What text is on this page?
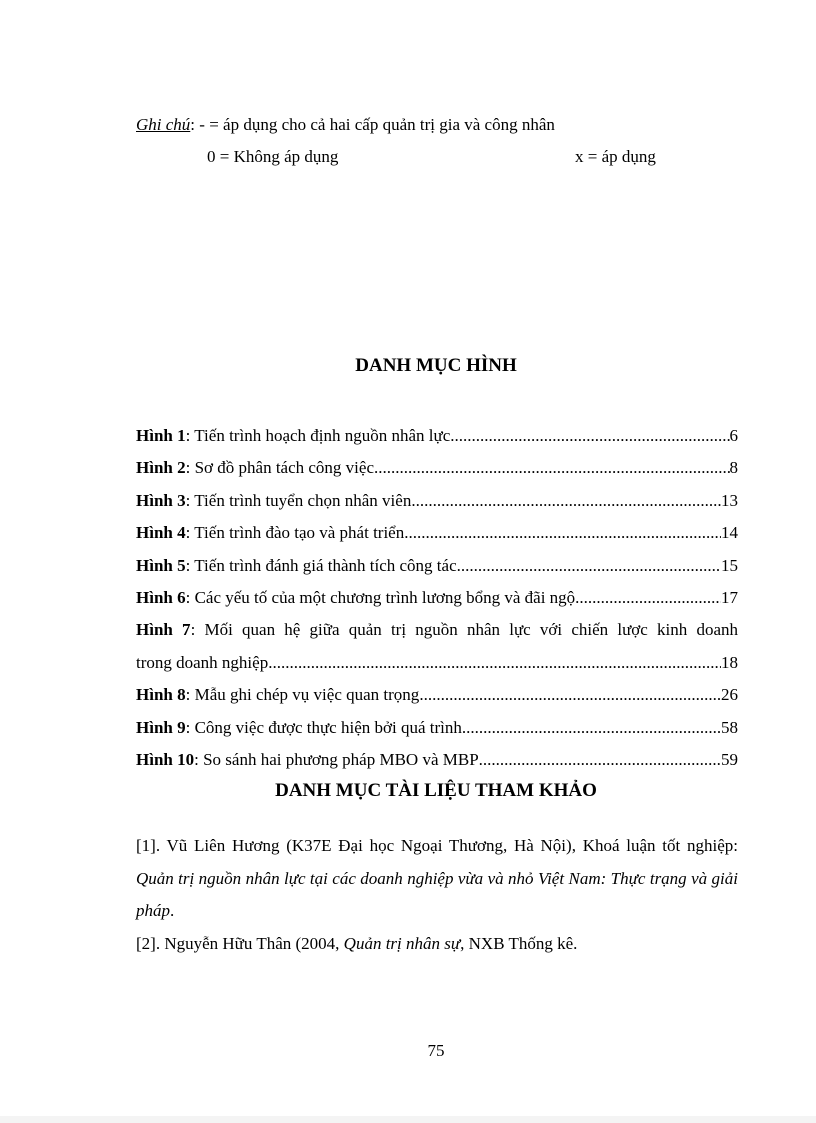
Ghi chú: - = áp dụng cho cả hai cấp quản trị gia và công nhân
0 = Không áp dụng	x = áp dụng
DANH MỤC HÌNH
Hình 1 : Tiến trình hoạch định nguồn nhân lực .....	6
Hình 2 : Sơ đồ phân tách công việc .....	8
Hình 3 : Tiến trình tuyển chọn nhân viên .....	13
Hình 4 : Tiến trình đào tạo và phát triển .....	14
Hình 5 : Tiến trình đánh giá thành tích công tác .....	15
Hình 6 : Các yếu tố của một chương trình lương bổng và đãi ngộ .....	17
Hình 7: Mối quan hệ giữa quản trị nguồn nhân lực với chiến lược kinh doanh
trong doanh nghiệp .....	18
Hình 8 : Mẫu ghi chép vụ việc quan trọng .....	26
Hình 9 : Công việc được thực hiện bởi quá trình .....	58
Hình 10 : So sánh hai phương pháp MBO và MBP .....	59
DANH MỤC TÀI LIỆU THAM KHẢO
[1]. Vũ Liên Hương (K37E Đại học Ngoại Thương, Hà Nội), Khoá luận tốt nghiệp: Quản trị nguồn nhân lực tại các doanh nghiệp vừa và nhỏ Việt Nam: Thực trạng và giải pháp.
[2]. Nguyễn Hữu Thân (2004, Quản trị nhân sự, NXB Thống kê.
75
